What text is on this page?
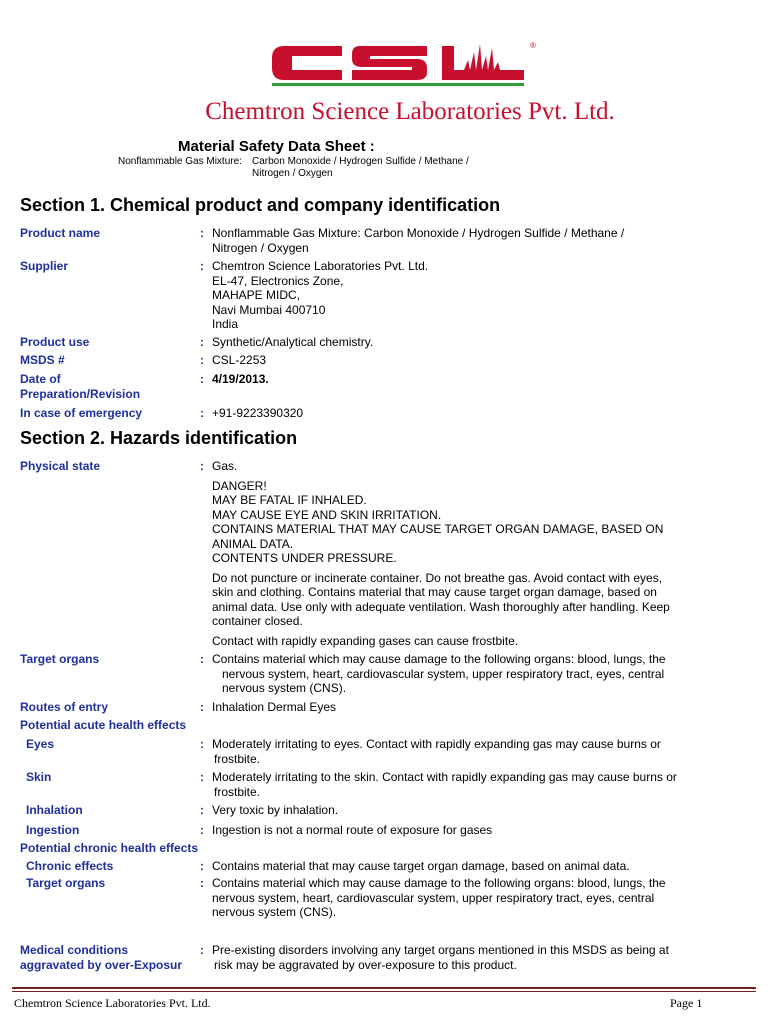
®
Chemtron Science Laboratories Pvt. Ltd.
Material Safety Data Sheet :
Nonflammable Gas Mixture: Carbon Monoxide / Hydrogen Sulfide / Methane /
Nitrogen / Oxygen
Section 1. Chemical product and company identification
Product name	: Nonflammable Gas Mixture: Carbon Monoxide / Hydrogen Sulfide / Methane /
Nitrogen / Oxygen
Supplier	: Chemtron Science Laboratories Pvt. Ltd.
EL-47, Electronics Zone,
MAHAPE MIDC,
Navi Mumbai 400710
India
Product use	: Synthetic/Analytical chemistry.
MSDS #	: CSL-2253
Date of
Preparation/Revision
: 4/19/2013.
In case of emergency	: +91-9223390320
Section 2. Hazards identification
Physical state	: Gas.
DANGER!
MAY BE FATAL IF INHALED.
MAY CAUSE EYE AND SKIN IRRITATION.
CONTAINS MATERIAL THAT MAY CAUSE TARGET ORGAN DAMAGE, BASED ON
ANIMAL DATA.
CONTENTS UNDER PRESSURE.
Do not puncture or incinerate container. Do not breathe gas. Avoid contact with eyes,
skin and clothing. Contains material that may cause target organ damage, based on
animal data. Use only with adequate ventilation. Wash thoroughly after handling. Keep
container closed.
Contact with rapidly expanding gases can cause frostbite.
Target organs	: Contains material which may cause damage to the following organs: blood, lungs, the
nervous system, heart, cardiovascular system, upper respiratory tract, eyes, central
nervous system (CNS).
Routes of entry	: Inhalation Dermal Eyes
Potential acute health effects
Eyes	: Moderately irritating to eyes. Contact with rapidly expanding gas may cause burns or
frostbite.
Skin	: Moderately irritating to the skin. Contact with rapidly expanding gas may cause burns or
frostbite.
Inhalation	: Very toxic by inhalation.
Ingestion	: Ingestion is not a normal route of exposure for gases
Potential chronic health effects
Chronic effects	: Contains material that may cause target organ damage, based on animal data.
Target organs	: Contains material which may cause damage to the following organs: blood, lungs, the
nervous system, heart, cardiovascular system, upper respiratory tract, eyes, central
nervous system (CNS).
Medical conditions
aggravated by over-Exposur
: Pre-existing disorders involving any target organs mentioned in this MSDS as being at
risk may be aggravated by over-exposure to this product.
Chemtron Science Laboratories Pvt. Ltd.	Page 1
